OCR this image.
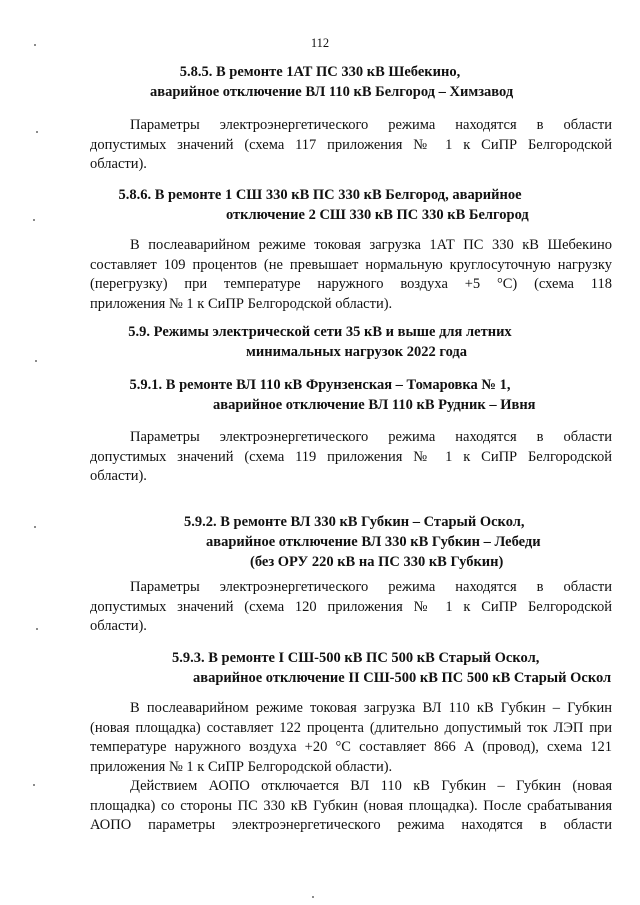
112
5.8.5. В ремонте 1АТ ПС 330 кВ Шебекино,
аварийное отключение ВЛ 110 кВ Белгород – Химзавод
Параметры электроэнергетического режима находятся в области
допустимых значений (схема 117 приложения № 1 к СиПР Белгородской
области).
5.8.6. В ремонте 1 СШ 330 кВ ПС 330 кВ Белгород, аварийное
отключение 2 СШ 330 кВ ПС 330 кВ Белгород
В послеаварийном режиме токовая загрузка 1АТ ПС 330 кВ Шебекино
составляет 109 процентов (не превышает нормальную круглосуточную нагрузку
(перегрузку) при температуре наружного воздуха +5 °C) (схема 118
приложения № 1 к СиПР Белгородской области).
5.9. Режимы электрической сети 35 кВ и выше для летних
минимальных нагрузок 2022 года
5.9.1. В ремонте ВЛ 110 кВ Фрунзенская – Томаровка № 1,
аварийное отключение ВЛ 110 кВ Рудник – Ивня
Параметры электроэнергетического режима находятся в области
допустимых значений (схема 119 приложения № 1 к СиПР Белгородской
области).
5.9.2. В ремонте ВЛ 330 кВ Губкин – Старый Оскол,
аварийное отключение ВЛ 330 кВ Губкин – Лебеди
(без ОРУ 220 кВ на ПС 330 кВ Губкин)
Параметры электроэнергетического режима находятся в области
допустимых значений (схема 120 приложения № 1 к СиПР Белгородской
области).
5.9.3. В ремонте I СШ-500 кВ ПС 500 кВ Старый Оскол,
аварийное отключение II СШ-500 кВ ПС 500 кВ Старый Оскол
В послеаварийном режиме токовая загрузка ВЛ 110 кВ Губкин – Губкин
(новая площадка) составляет 122 процента (длительно допустимый ток ЛЭП при
температуре наружного воздуха +20 °C составляет 866 А (провод), схема 121
приложения № 1 к СиПР Белгородской области).
Действием АОПО отключается ВЛ 110 кВ Губкин – Губкин (новая
площадка) со стороны ПС 330 кВ Губкин (новая площадка). После срабатывания
АОПО параметры электроэнергетического режима находятся в области
